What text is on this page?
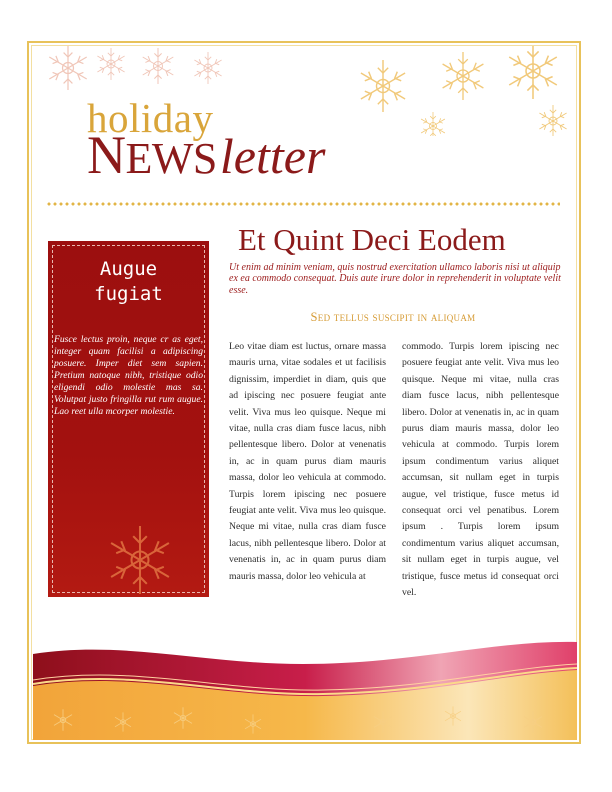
holiday
NEWSletter
Augue
fugiat
Fusce lectus proin, neque cr as eget, integer quam facilisi a adipiscing posuere. Imper diet sem sapien. Pretium natoque nibh, tristique odio eligendi odio molestie mas sa. Volutpat justo fringilla rut rum augue. Lao reet ulla mcorper molestie.
Et Quint Deci Eodem
Ut enim ad minim veniam, quis nostrud exercitation ullamco laboris nisi ut aliquip ex ea commodo consequat. Duis aute irure dolor in reprehenderit in voluptate velit esse.
Sed tellus suscipit in aliquam
Leo vitae diam est luctus, ornare massa mauris urna, vitae sodales et ut facilisis dignissim, imperdiet in diam, quis que ad ipiscing nec posuere feugiat ante velit. Viva mus leo quisque. Neque mi vitae, nulla cras diam fusce lacus, nibh pellentesque libero. Dolor at venenatis in, ac in quam purus diam mauris massa, dolor leo vehicula at commodo. Turpis lorem ipiscing nec posuere feugiat ante velit. Viva mus leo quisque. Neque mi vitae, nulla cras diam fusce lacus, nibh pellentesque libero. Dolor at venenatis in, ac in quam purus diam mauris massa, dolor leo vehicula at
commodo. Turpis lorem ipiscing nec posuere feugiat ante velit. Viva mus leo quisque. Neque mi vitae, nulla cras diam fusce lacus, nibh pellentesque libero. Dolor at venenatis in, ac in quam purus diam mauris massa, dolor leo vehicula at commodo. Turpis lorem ipsum condimentum varius aliquet accumsan, sit nullam eget in turpis augue, vel tristique, fusce metus id consequat orci vel penatibus. Lorem ipsum . Turpis lorem ipsum condimentum varius aliquet accumsan, sit nullam eget in turpis augue, vel tristique, fusce metus id consequat orci vel.
